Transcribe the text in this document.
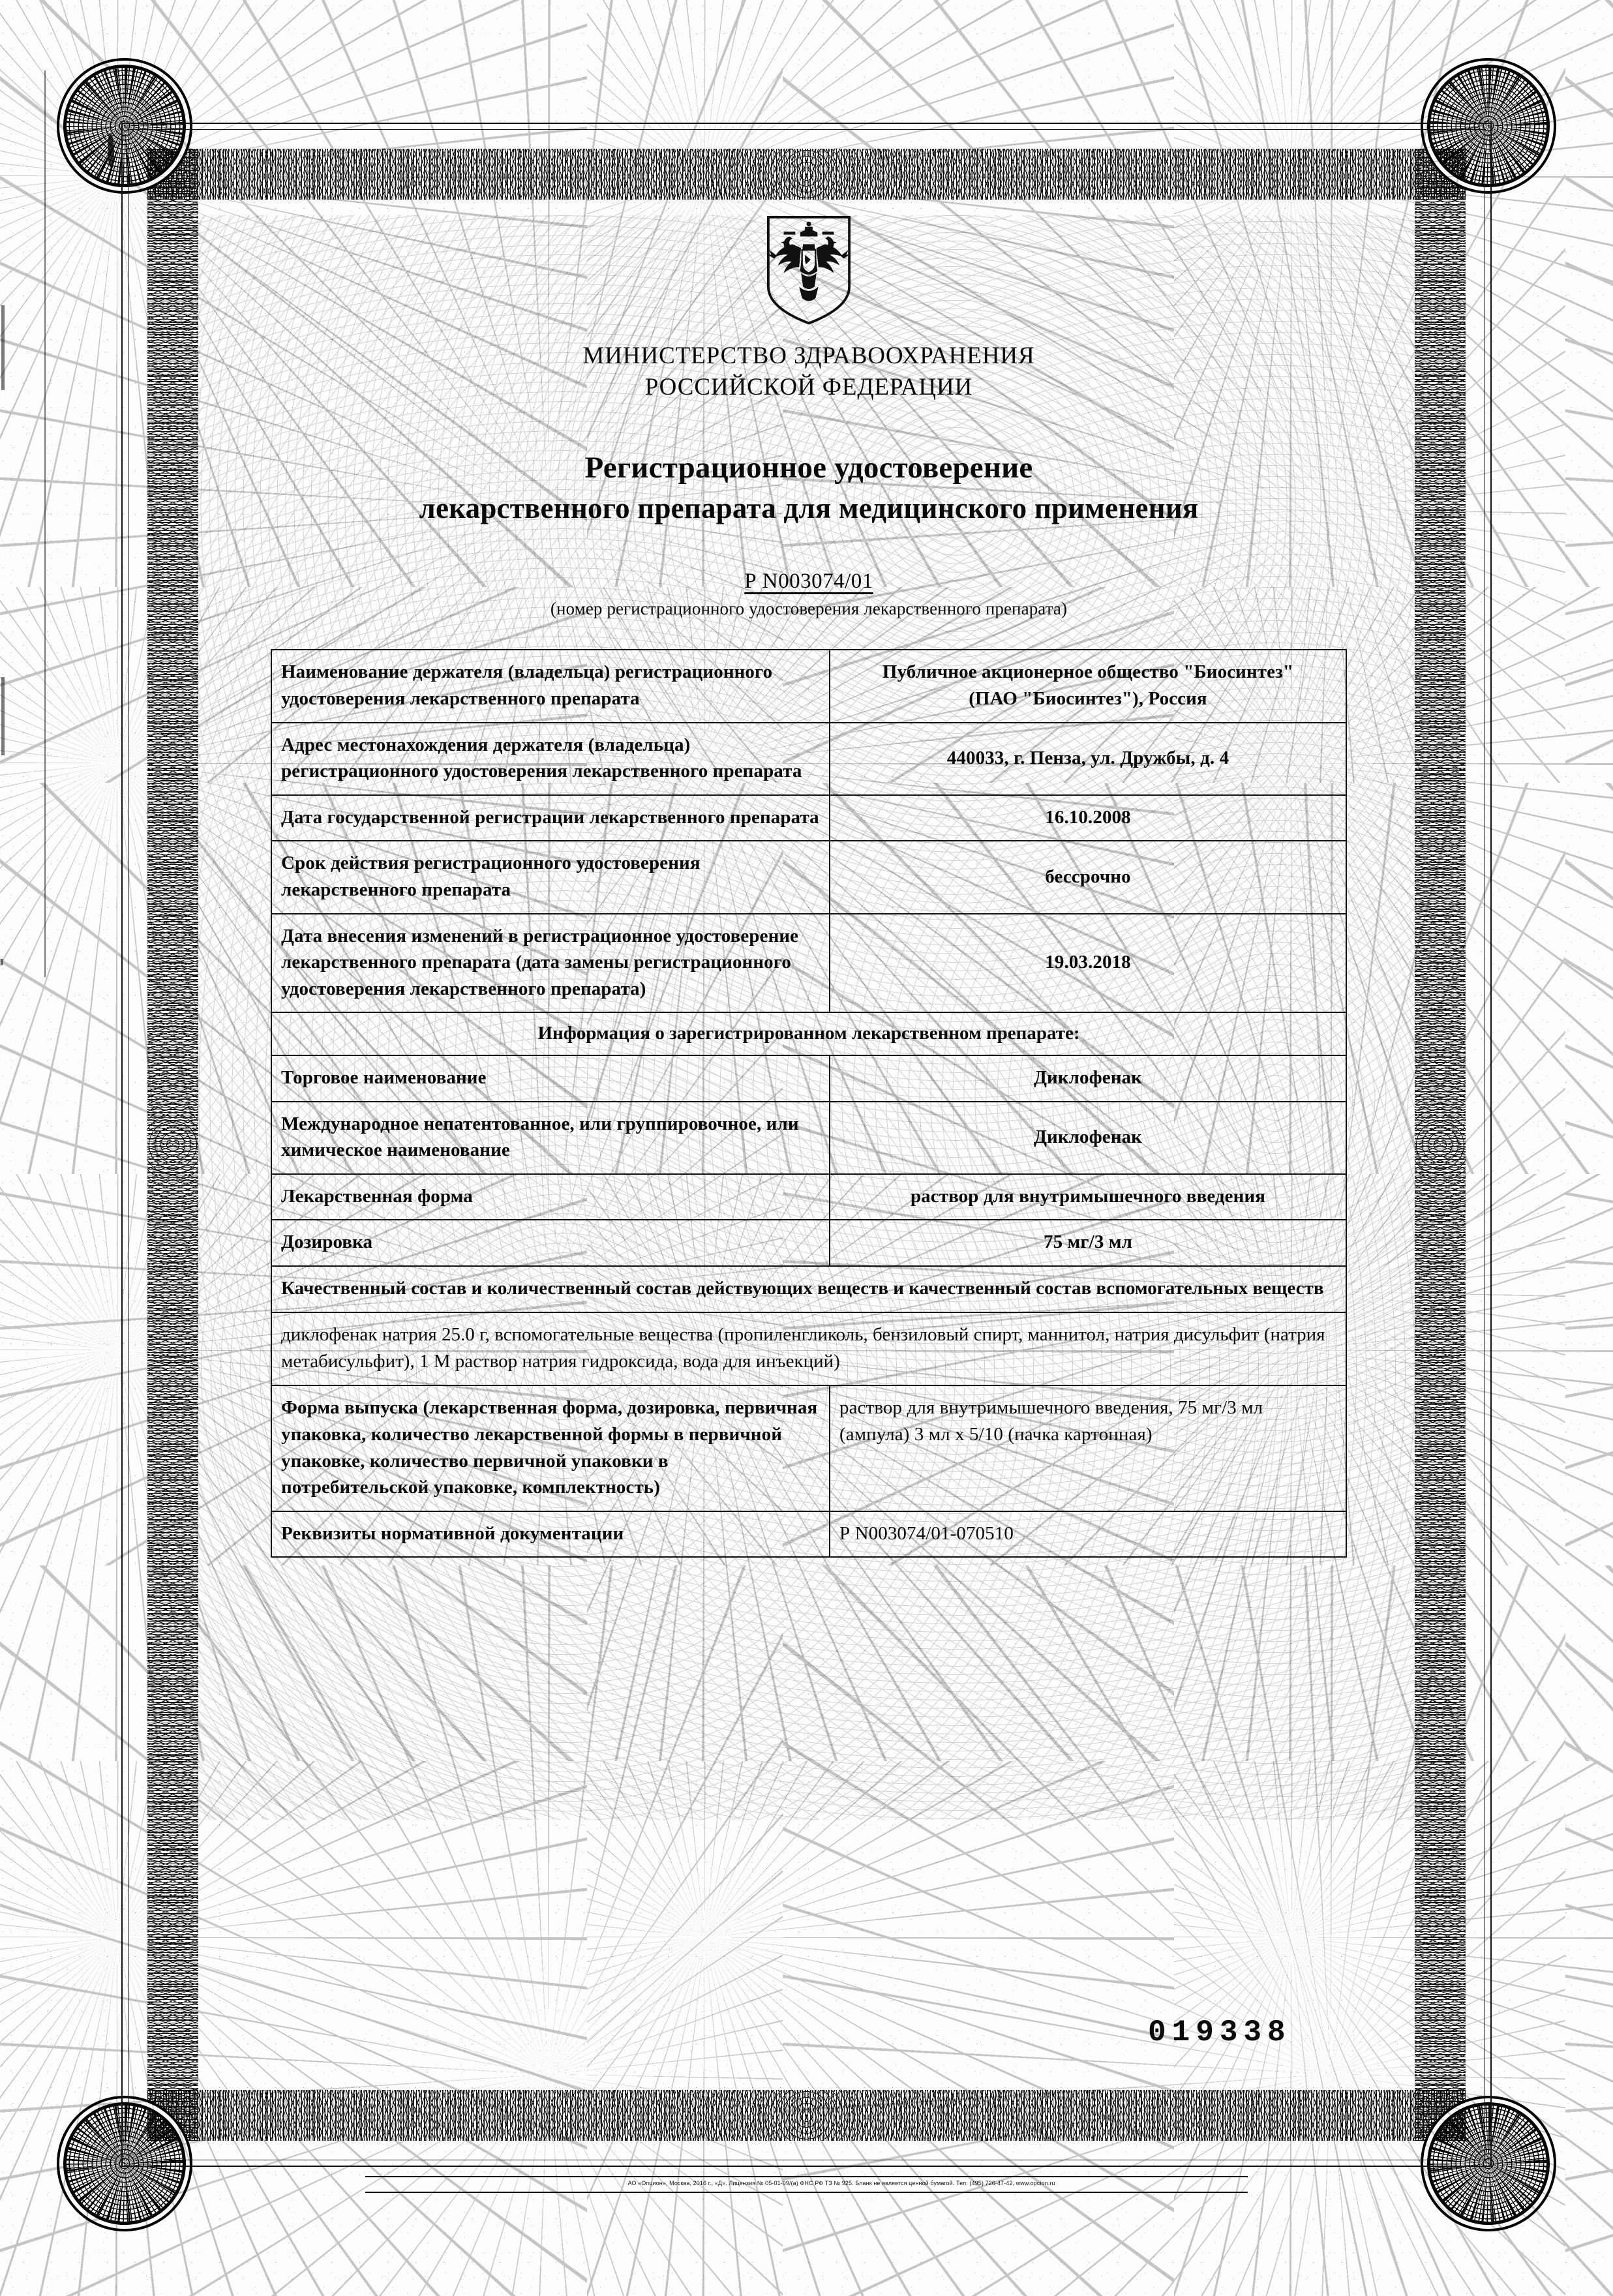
МИНИСТЕРСТВО ЗДРАВООХРАНЕНИЯ
РОССИЙСКОЙ ФЕДЕРАЦИИ
Регистрационное удостоверение
лекарственного препарата для медицинского применения
Р N003074/01
(номер регистрационного удостоверения лекарственного препарата)
Наименование держателя (владельца) регистрационного удостоверения лекарственного препарата	Публичное акционерное общество "Биосинтез"
(ПАО "Биосинтез"), Россия

Адрес местонахождения держателя (владельца) регистрационного удостоверения лекарственного препарата	440033, г. Пенза, ул. Дружбы, д. 4

Дата государственной регистрации лекарственного препарата	16.10.2008
Срок действия регистрационного удостоверения лекарственного препарата	бессрочно
Дата внесения изменений в регистрационное удостоверение лекарственного препарата (дата замены регистрационного удостоверения лекарственного препарата)	19.03.2018
Информация о зарегистрированном лекарственном препарате:	
Торговое наименование	Диклофенак
Международное непатентованное, или группировочное, или химическое наименование	Диклофенак
Лекарственная форма	раствор для внутримышечного введения
Дозировка	75 мг/3 мл
Качественный состав и количественный состав действующих веществ и качественный состав вспомогательных веществ	
диклофенак натрия 25.0 г, вспомогательные вещества (пропиленгликоль, бензиловый спирт, маннитол, натрия дисульфит (натрия метабисульфит), 1 М раствор натрия гидроксида, вода для инъекций)	
Форма выпуска (лекарственная форма, дозировка, первичная упаковка, количество лекарственной формы в первичной упаковке, количество первичной упаковки в потребительской упаковке, комплектность)	раствор для внутримышечного введения, 75 мг/3 мл
(ампула) 3 мл х 5/10 (пачка картонная)

Реквизиты нормативной документации	Р N003074/01-070510
019338
АО «Опцион», Москва, 2016 г., «Д». Лицензия № 05-01-09/(а) ФНС РФ ТЗ № 925. Бланк не является ценной бумагой. Тел. (495) 726-47-42, www.opcion.ru
